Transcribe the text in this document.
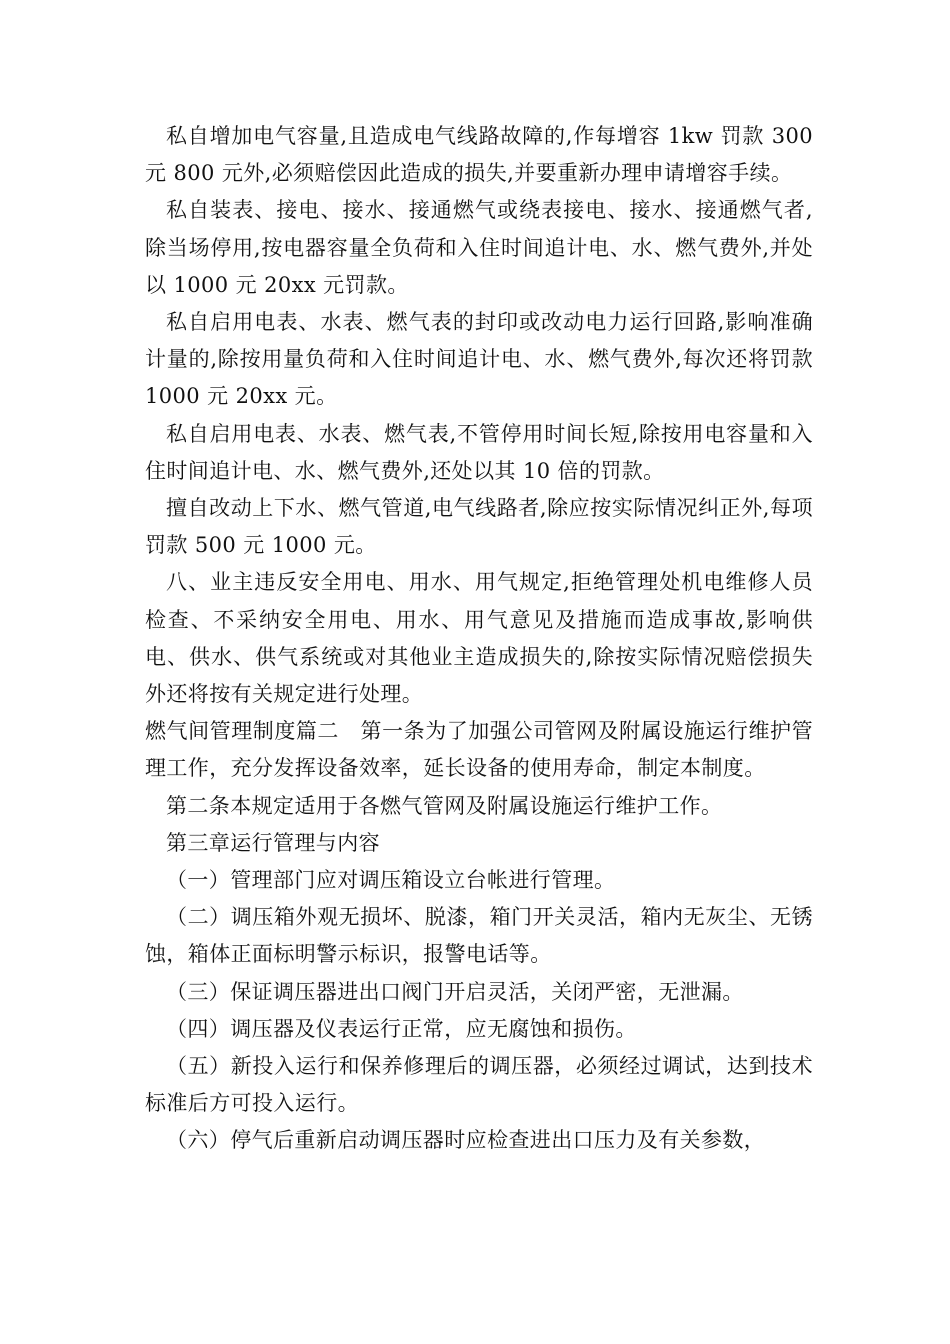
私自增加电气容量,且造成电气线路故障的,作每增容 1kw 罚款 300 元 800 元外,必须赔偿因此造成的损失,并要重新办理申请增容手续。

私自装表、接电、接水、接通燃气或绕表接电、接水、接通燃气者,除当场停用,按电器容量全负荷和入住时间追计电、水、燃气费外,并处以 1000 元 20xx 元罚款。

私自启用电表、水表、燃气表的封印或改动电力运行回路,影响准确计量的,除按用量负荷和入住时间追计电、水、燃气费外,每次还将罚款 1000 元 20xx 元。

私自启用电表、水表、燃气表,不管停用时间长短,除按用电容量和入住时间追计电、水、燃气费外,还处以其 10 倍的罚款。

擅自改动上下水、燃气管道,电气线路者,除应按实际情况纠正外,每项罚款 500 元 1000 元。

八、业主违反安全用电、用水、用气规定,拒绝管理处机电维修人员检查、不采纳安全用电、用水、用气意见及措施而造成事故,影响供电、供水、供气系统或对其他业主造成损失的,除按实际情况赔偿损失外还将按有关规定进行处理。

燃气间管理制度篇二　第一条为了加强公司管网及附属设施运行维护管理工作，充分发挥设备效率，延长设备的使用寿命，制定本制度。

第二条本规定适用于各燃气管网及附属设施运行维护工作。

第三章运行管理与内容

（一）管理部门应对调压箱设立台帐进行管理。

（二）调压箱外观无损坏、脱漆，箱门开关灵活，箱内无灰尘、无锈蚀，箱体正面标明警示标识，报警电话等。

（三）保证调压器进出口阀门开启灵活，关闭严密，无泄漏。

（四）调压器及仪表运行正常，应无腐蚀和损伤。

（五）新投入运行和保养修理后的调压器，必须经过调试，达到技术标准后方可投入运行。

（六）停气后重新启动调压器时应检查进出口压力及有关参数，
